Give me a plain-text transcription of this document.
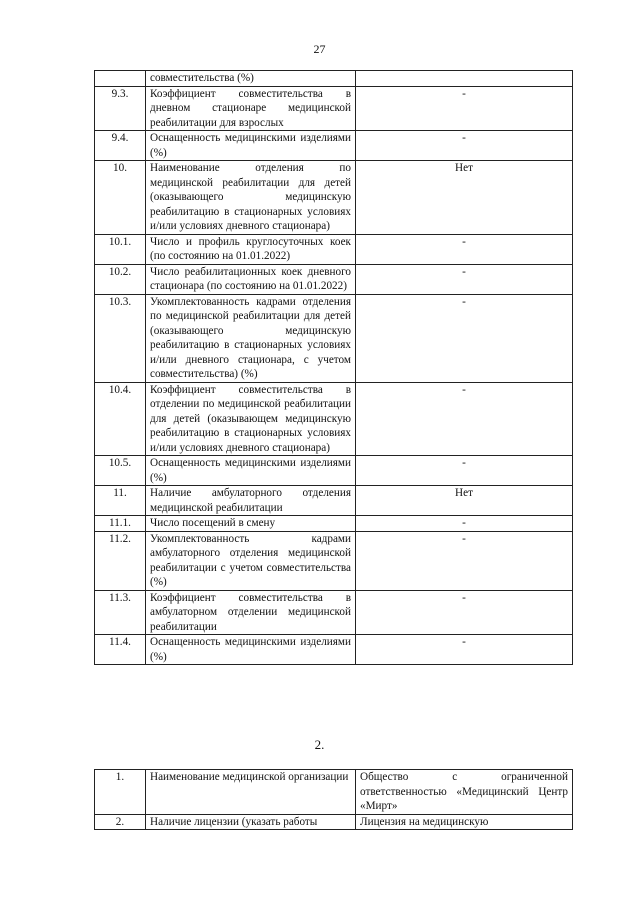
27
	совместительства (%)	
9.3.	Коэффициент совместительства в дневном стационаре медицинской реабилитации для взрослых	-
9.4.	Оснащенность медицинскими изделиями (%)	-
10.	Наименование отделения по медицинской реабилитации для детей (оказывающего медицинскую реабилитацию в стационарных условиях и/или условиях дневного стационара)	Нет
10.1.	Число и профиль круглосуточных коек (по состоянию на 01.01.2022)	-
10.2.	Число реабилитационных коек дневного стационара (по состоянию на 01.01.2022)	-
10.3.	Укомплектованность кадрами отделения по медицинской реабилитации для детей (оказывающего медицинскую реабилитацию в стационарных условиях и/или дневного стационара, с учетом совместительства) (%)	-
10.4.	Коэффициент совместительства в отделении по медицинской реабилитации для детей (оказывающем медицинскую реабилитацию в стационарных условиях и/или условиях дневного стационара)	-
10.5.	Оснащенность медицинскими изделиями (%)	-
11.	Наличие амбулаторного отделения медицинской реабилитации	Нет
11.1.	Число посещений в смену	-
11.2.	Укомплектованность кадрами амбулаторного отделения медицинской реабилитации с учетом совместительства (%)	-
11.3.	Коэффициент совместительства в амбулаторном отделении медицинской реабилитации	-
11.4.	Оснащенность медицинскими изделиями (%)	-
2.
1.	Наименование медицинской организации	Общество с ограниченной ответственностью «Медицинский Центр «Мирт»
2.	Наличие лицензии (указать работы	Лицензия на медицинскую
